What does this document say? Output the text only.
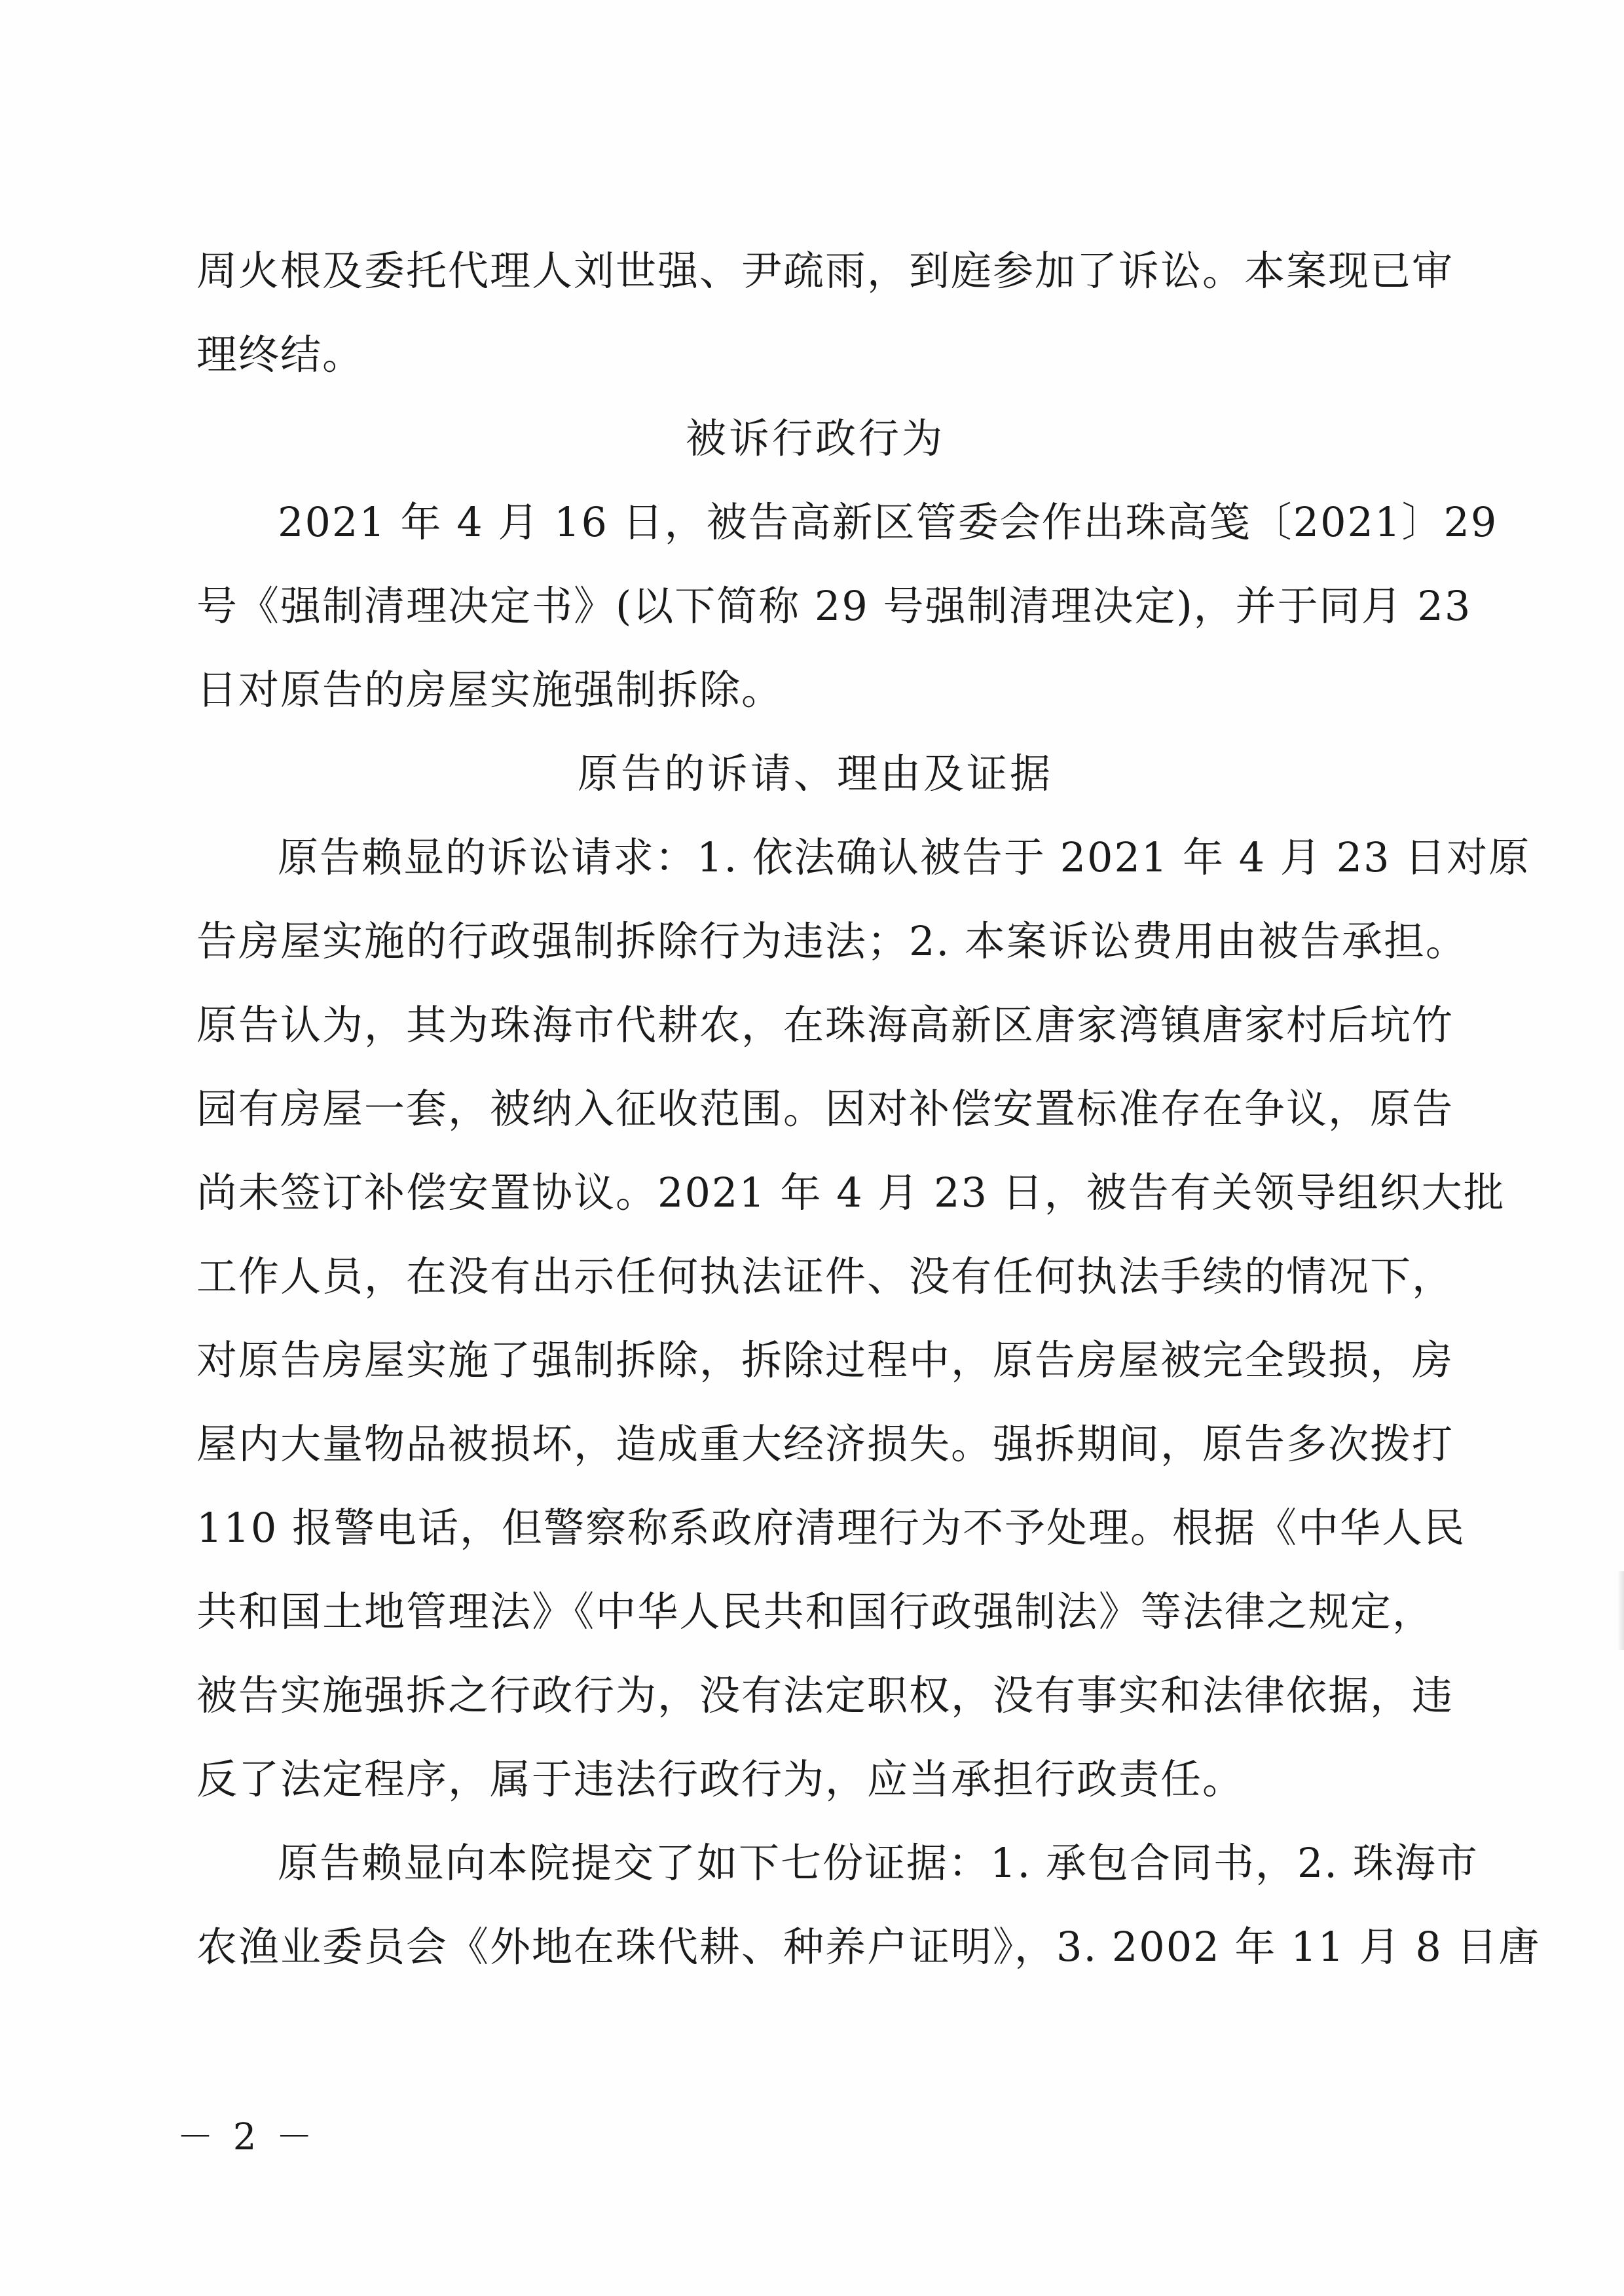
周火根及委托代理人刘世强、尹疏雨，到庭参加了诉讼。本案现已审
理终结。
被诉行政行为
2021 年 4 月 16 日，被告高新区管委会作出珠高笺〔2021〕29
号《强制清理决定书》(以下简称 29 号强制清理决定)，并于同月 23
日对原告的房屋实施强制拆除。
原告的诉请、理由及证据
原告赖显的诉讼请求：1. 依法确认被告于 2021 年 4 月 23 日对原
告房屋实施的行政强制拆除行为违法；2. 本案诉讼费用由被告承担。
原告认为，其为珠海市代耕农，在珠海高新区唐家湾镇唐家村后坑竹
园有房屋一套，被纳入征收范围。因对补偿安置标准存在争议，原告
尚未签订补偿安置协议。2021 年 4 月 23 日，被告有关领导组织大批
工作人员，在没有出示任何执法证件、没有任何执法手续的情况下，
对原告房屋实施了强制拆除，拆除过程中，原告房屋被完全毁损，房
屋内大量物品被损坏，造成重大经济损失。强拆期间，原告多次拨打
110 报警电话，但警察称系政府清理行为不予处理。根据《中华人民
共和国土地管理法》《中华人民共和国行政强制法》等法律之规定，
被告实施强拆之行政行为，没有法定职权，没有事实和法律依据，违
反了法定程序，属于违法行政行为，应当承担行政责任。
原告赖显向本院提交了如下七份证据：1. 承包合同书，2. 珠海市
农渔业委员会《外地在珠代耕、种养户证明》，3. 2002 年 11 月 8 日唐
－ 2 －
